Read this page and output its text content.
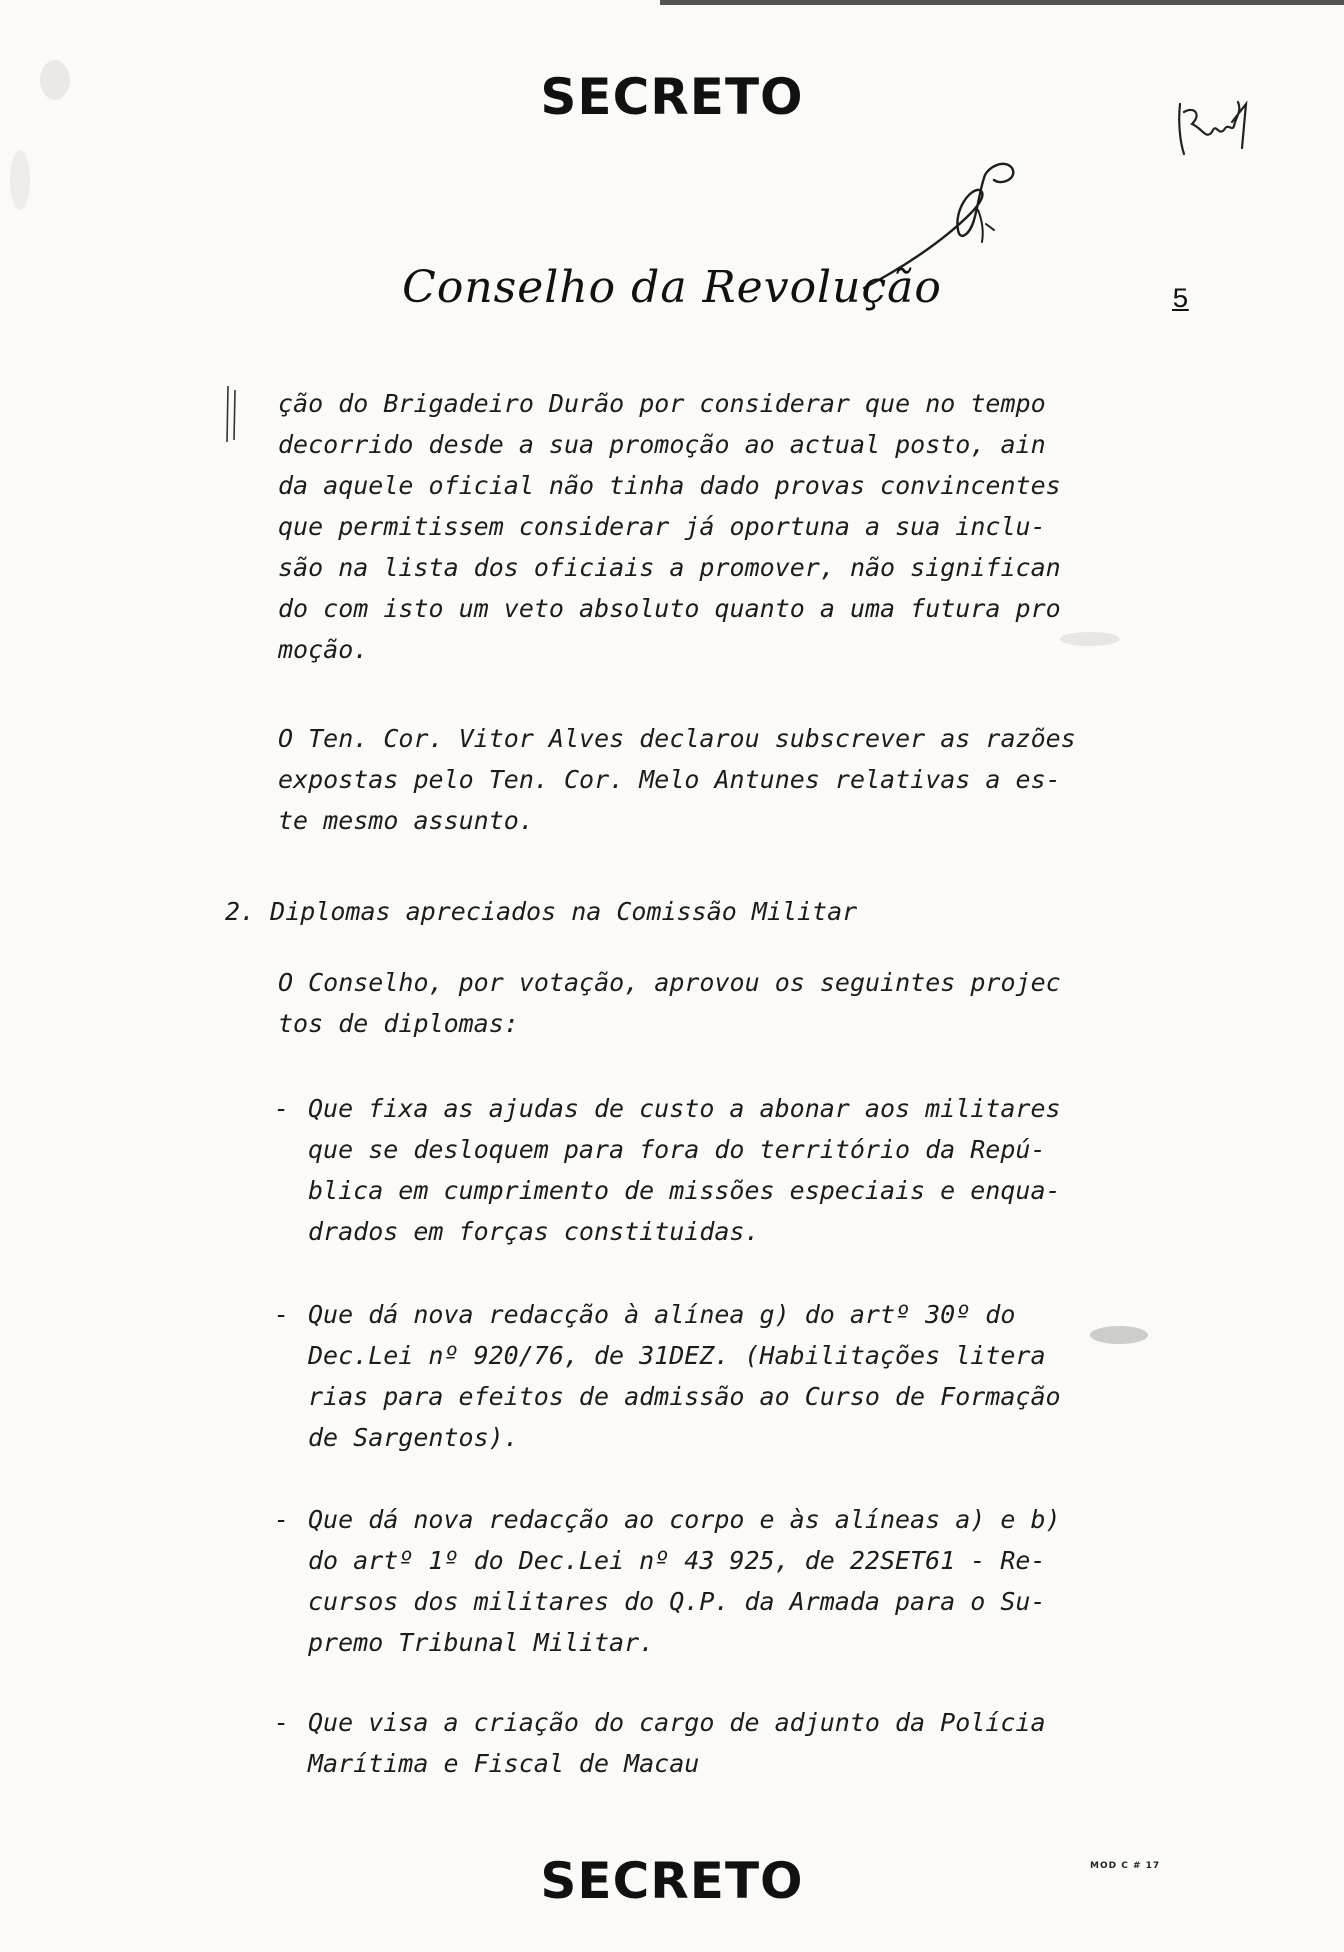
SECRETO
Conselho da Revolução	5
ção do Brigadeiro Durão por considerar que no tempo
decorrido desde a sua promoção ao actual posto, ain
da aquele oficial não tinha dado provas convincentes
que permitissem considerar já oportuna a sua inclu-
são na lista dos oficiais a promover, não significan
do com isto um veto absoluto quanto a uma futura pro
moção.
O Ten. Cor. Vitor Alves declarou subscrever as razões
expostas pelo Ten. Cor. Melo Antunes relativas a es-
te mesmo assunto.
2. Diplomas apreciados na Comissão Militar
O Conselho, por votação, aprovou os seguintes projec
tos de diplomas:
- Que fixa as ajudas de custo a abonar aos militares
que se desloquem para fora do território da Repú-
blica em cumprimento de missões especiais e enqua-
drados em forças constituidas.
- Que dá nova redacção à alínea g) do artº 30º do
Dec.Lei nº 920/76, de 31DEZ. (Habilitações litera
rias para efeitos de admissão ao Curso de Formação
de Sargentos).
- Que dá nova redacção ao corpo e às alíneas a) e b)
do artº 1º do Dec.Lei nº 43 925, de 22SET61 - Re-
cursos dos militares do Q.P. da Armada para o Su-
premo Tribunal Militar.
- Que visa a criação do cargo de adjunto da Polícia
Marítima e Fiscal de Macau
SECRETO	MOD C # 17
